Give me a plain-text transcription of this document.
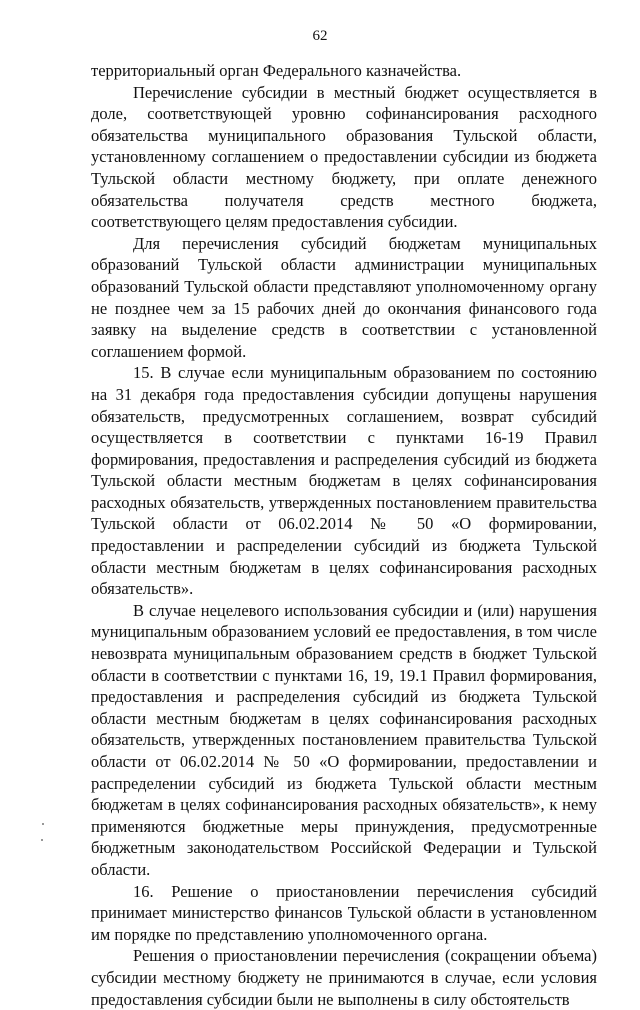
62

территориальный орган Федерального казначейства.

Перечисление субсидии в местный бюджет осуществляется в доле, соответствующей уровню софинансирования расходного обязательства муниципального образования Тульской области, установленному соглашением о предоставлении субсидии из бюджета Тульской области местному бюджету, при оплате денежного обязательства получателя средств местного бюджета, соответствующего целям предоставления субсидии.

Для перечисления субсидий бюджетам муниципальных образований Тульской области администрации муниципальных образований Тульской области представляют уполномоченному органу не позднее чем за 15 рабочих дней до окончания финансового года заявку на выделение средств в соответствии с установленной соглашением формой.

15. В случае если муниципальным образованием по состоянию на 31 декабря года предоставления субсидии допущены нарушения обязательств, предусмотренных соглашением, возврат субсидий осуществляется в соответствии с пунктами 16-19 Правил формирования, предоставления и распределения субсидий из бюджета Тульской области местным бюджетам в целях софинансирования расходных обязательств, утвержденных постановлением правительства Тульской области от 06.02.2014 № 50 «О формировании, предоставлении и распределении субсидий из бюджета Тульской области местным бюджетам в целях софинансирования расходных обязательств».

В случае нецелевого использования субсидии и (или) нарушения муниципальным образованием условий ее предоставления, в том числе невозврата муниципальным образованием средств в бюджет Тульской области в соответствии с пунктами 16, 19, 19.1 Правил формирования, предоставления и распределения субсидий из бюджета Тульской области местным бюджетам в целях софинансирования расходных обязательств, утвержденных постановлением правительства Тульской области от 06.02.2014 № 50 «О формировании, предоставлении и распределении субсидий из бюджета Тульской области местным бюджетам в целях софинансирования расходных обязательств», к нему применяются бюджетные меры принуждения, предусмотренные бюджетным законодательством Российской Федерации и Тульской области.

16. Решение о приостановлении перечисления субсидий принимает министерство финансов Тульской области в установленном им порядке по представлению уполномоченного органа.

Решения о приостановлении перечисления (сокращении объема) субсидии местному бюджету не принимаются в случае, если условия предоставления субсидии были не выполнены в силу обстоятельств
